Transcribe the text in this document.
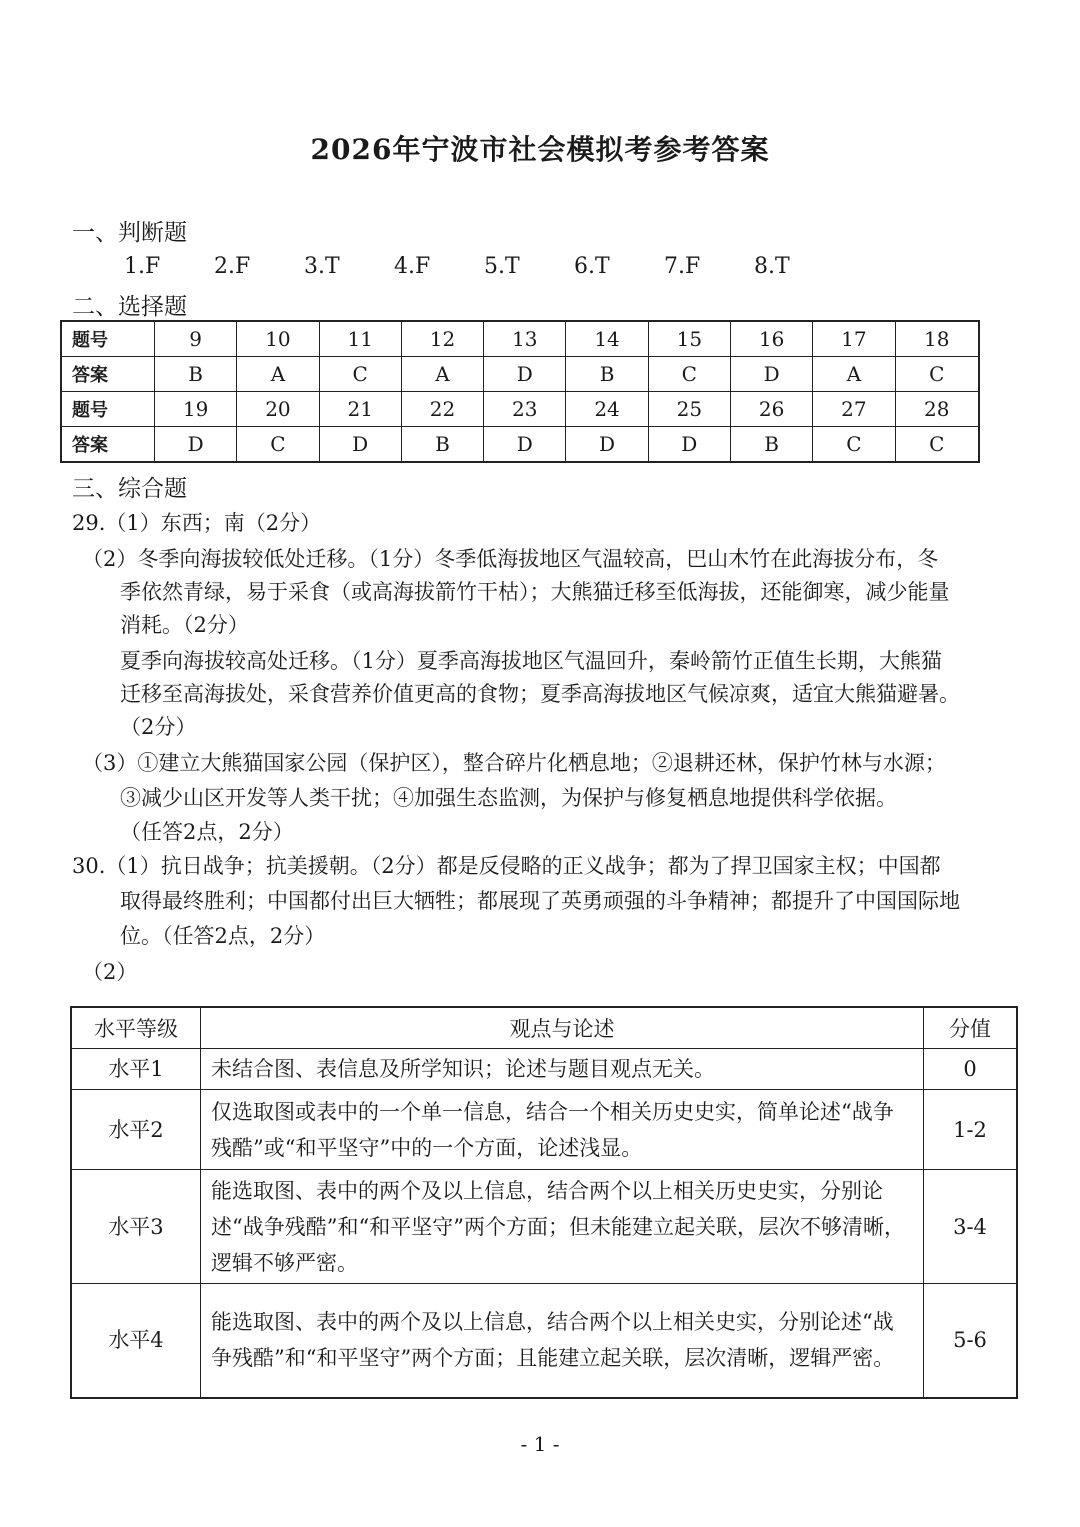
2026年宁波市社会模拟考参考答案
一、判断题
1.F 2.F 3.T 4.F 5.T 6.T 7.F 8.T
二、选择题
题号	9	10	11	12	13	14	15	16	17	18
答案	B	A	C	A	D	B	C	D	A	C
题号	19	20	21	22	23	24	25	26	27	28
答案	D	C	D	B	D	D	D	B	C	C
三、综合题
29.（1）东西；南（2分）
（2）冬季向海拔较低处迁移。（1分）冬季低海拔地区气温较高，巴山木竹在此海拔分布，冬
季依然青绿，易于采食（或高海拔箭竹干枯）；大熊猫迁移至低海拔，还能御寒，减少能量
消耗。（2分）
夏季向海拔较高处迁移。（1分）夏季高海拔地区气温回升，秦岭箭竹正值生长期，大熊猫
迁移至高海拔处，采食营养价值更高的食物；夏季高海拔地区气候凉爽，适宜大熊猫避暑。
（2分）
（3）①建立大熊猫国家公园（保护区），整合碎片化栖息地；②退耕还林，保护竹林与水源；
③减少山区开发等人类干扰；④加强生态监测，为保护与修复栖息地提供科学依据。
（任答2点，2分）
30.（1）抗日战争；抗美援朝。（2分）都是反侵略的正义战争；都为了捍卫国家主权；中国都
取得最终胜利；中国都付出巨大牺牲；都展现了英勇顽强的斗争精神；都提升了中国国际地
位。（任答2点，2分）
（2）
水平等级	观点与论述	分值
水平1	未结合图、表信息及所学知识；论述与题目观点无关。	0
水平2	仅选取图或表中的一个单一信息，结合一个相关历史史实，简单论述“战争残酷”或“和平坚守”中的一个方面，论述浅显。	1-2
水平3	能选取图、表中的两个及以上信息，结合两个以上相关历史史实，分别论述“战争残酷”和“和平坚守”两个方面；但未能建立起关联，层次不够清晰，逻辑不够严密。	3-4
水平4	能选取图、表中的两个及以上信息，结合两个以上相关史实，分别论述“战争残酷”和“和平坚守”两个方面；且能建立起关联，层次清晰，逻辑严密。	5-6
- 1 -
